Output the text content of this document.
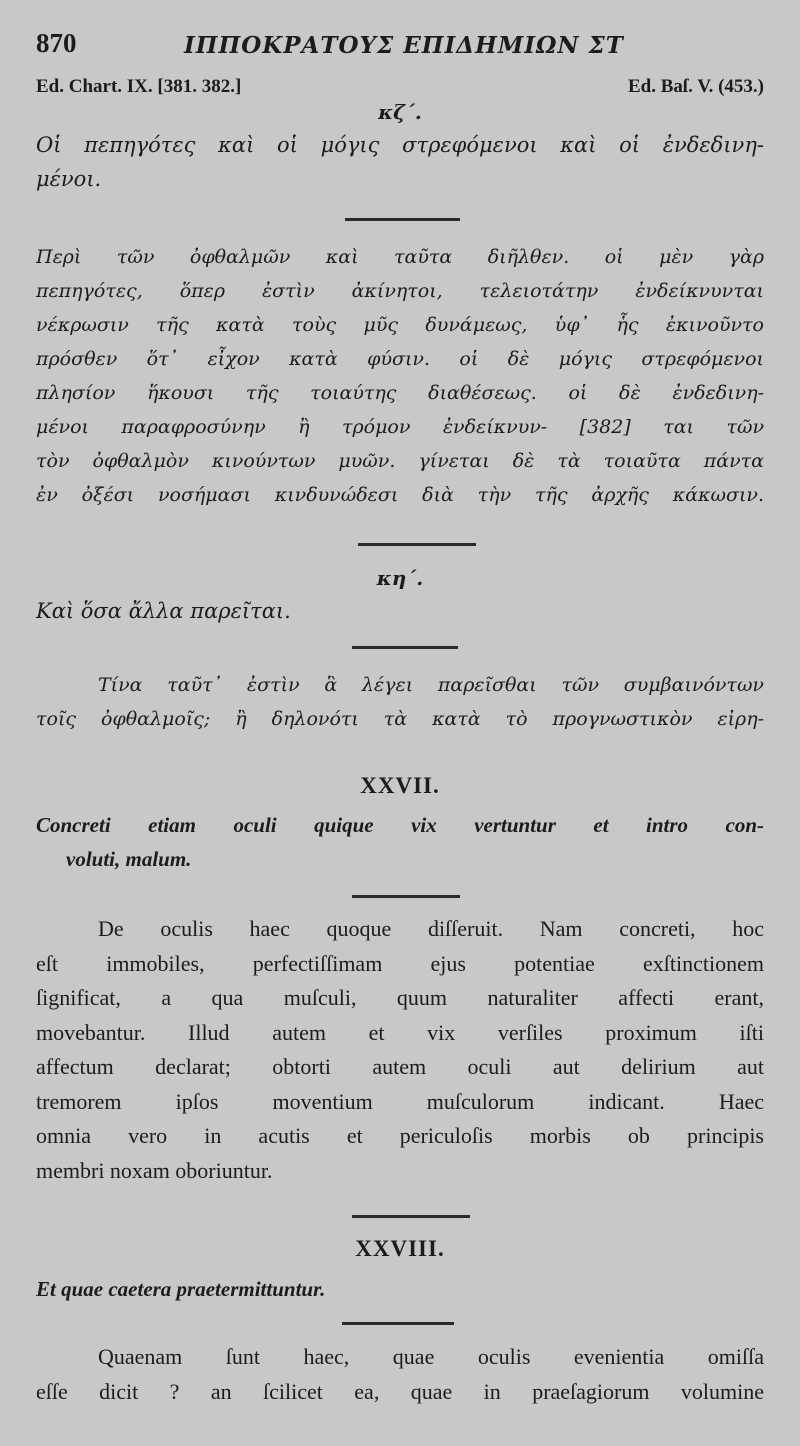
870	ΙΠΠΟΚΡΑΤΟΥΣ ΕΠΙΔΗΜΙΩΝ ΣΤ
Ed. Chart. IX. [381. 382.]	Ed. Baſ. V. (453.)
κζ΄.
Οἱ πεπηγότες καὶ οἱ μόγις στρεφόμενοι καὶ οἱ ἐνδεδινη-
μένοι.
Περὶ τῶν ὀφθαλμῶν καὶ ταῦτα διῆλθεν. οἱ μὲν γὰρ
πεπηγότες, ὅπερ ἐστὶν ἀκίνητοι, τελειοτάτην ἐνδείκνυνται
νέκρωσιν τῆς κατὰ τοὺς μῦς δυνάμεως, ὑφ᾽ ἧς ἐκινοῦντο
πρόσθεν ὅτ᾽ εἶχον κατὰ φύσιν. οἱ δὲ μόγις στρεφόμενοι
πλησίον ἥκουσι τῆς τοιαύτης διαθέσεως. οἱ δὲ ἐνδεδινη-
μένοι παραφροσύνην ἢ τρόμον ἐνδείκνυν- [382] ται τῶν
τὸν ὀφθαλμὸν κινούντων μυῶν. γίνεται δὲ τὰ τοιαῦτα πάντα
ἐν ὀξέσι νοσήμασι κινδυνώδεσι διὰ τὴν τῆς ἀρχῆς κάκωσιν.
κη΄.
Καὶ ὅσα ἄλλα παρεῖται.
Τίνα ταῦτ᾽ ἐστὶν ἃ λέγει παρεῖσθαι τῶν συμβαινόντων
τοῖς ὀφθαλμοῖς; ἢ δηλονότι τὰ κατὰ τὸ προγνωστικὸν εἰρη-
XXVII.
Concreti etiam oculi quique vix vertuntur et intro con-
voluti, malum.
De oculis haec quoque diſſeruit. Nam concreti, hoc
eſt immobiles, perfectiſſimam ejus potentiae exſtinctionem
ſignificat, a qua muſculi, quum naturaliter affecti erant,
movebantur. Illud autem et vix verſiles proximum iſti
affectum declarat; obtorti autem oculi aut delirium aut
tremorem ipſos moventium muſculorum indicant. Haec
omnia vero in acutis et periculoſis morbis ob principis
membri noxam oboriuntur.
XXVIII.
Et quae caetera praetermittuntur.
Quaenam ſunt haec, quae oculis evenientia omiſſa
eſſe dicit ? an ſcilicet ea, quae in praeſagiorum volumine
